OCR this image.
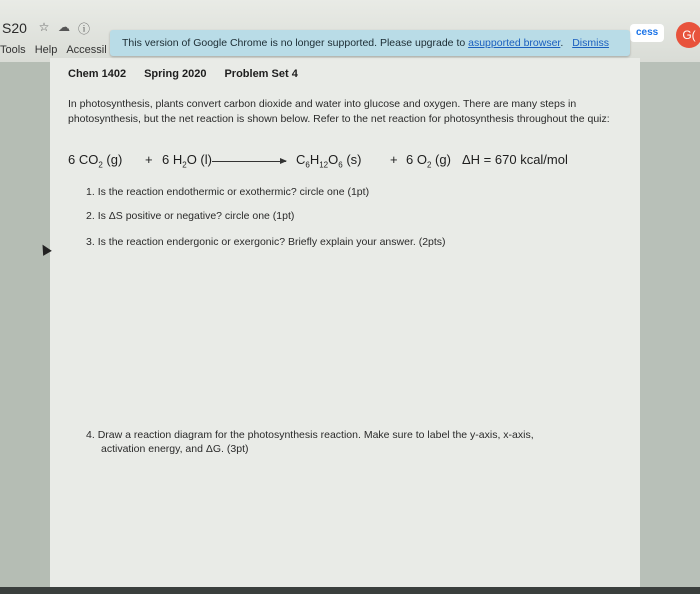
S20 ☆ ☁ ⓘ
Tools Help Accessil
cess	G(
This version of Google Chrome is no longer supported. Please upgrade to asupported browser. Dismiss
Chem 1402 Spring 2020 Problem Set 4
In photosynthesis, plants convert carbon dioxide and water into glucose and oxygen. There are many steps in photosynthesis, but the net reaction is shown below. Refer to the net reaction for photosynthesis throughout the quiz:
6 $CO_2$ (g) + 6 $H_2O$ (l)	$C_6H_{12}O_6$ (s) + 6 $O_2$ (g) ΔH = 670 kcal/mol
1. Is the reaction endothermic or exothermic? circle one (1pt)
2. Is ΔS positive or negative? circle one (1pt)
3. Is the reaction endergonic or exergonic? Briefly explain your answer. (2pts)
4. Draw a reaction diagram for the photosynthesis reaction. Make sure to label the y-axis, x-axis,
activation energy, and ΔG. (3pt)
